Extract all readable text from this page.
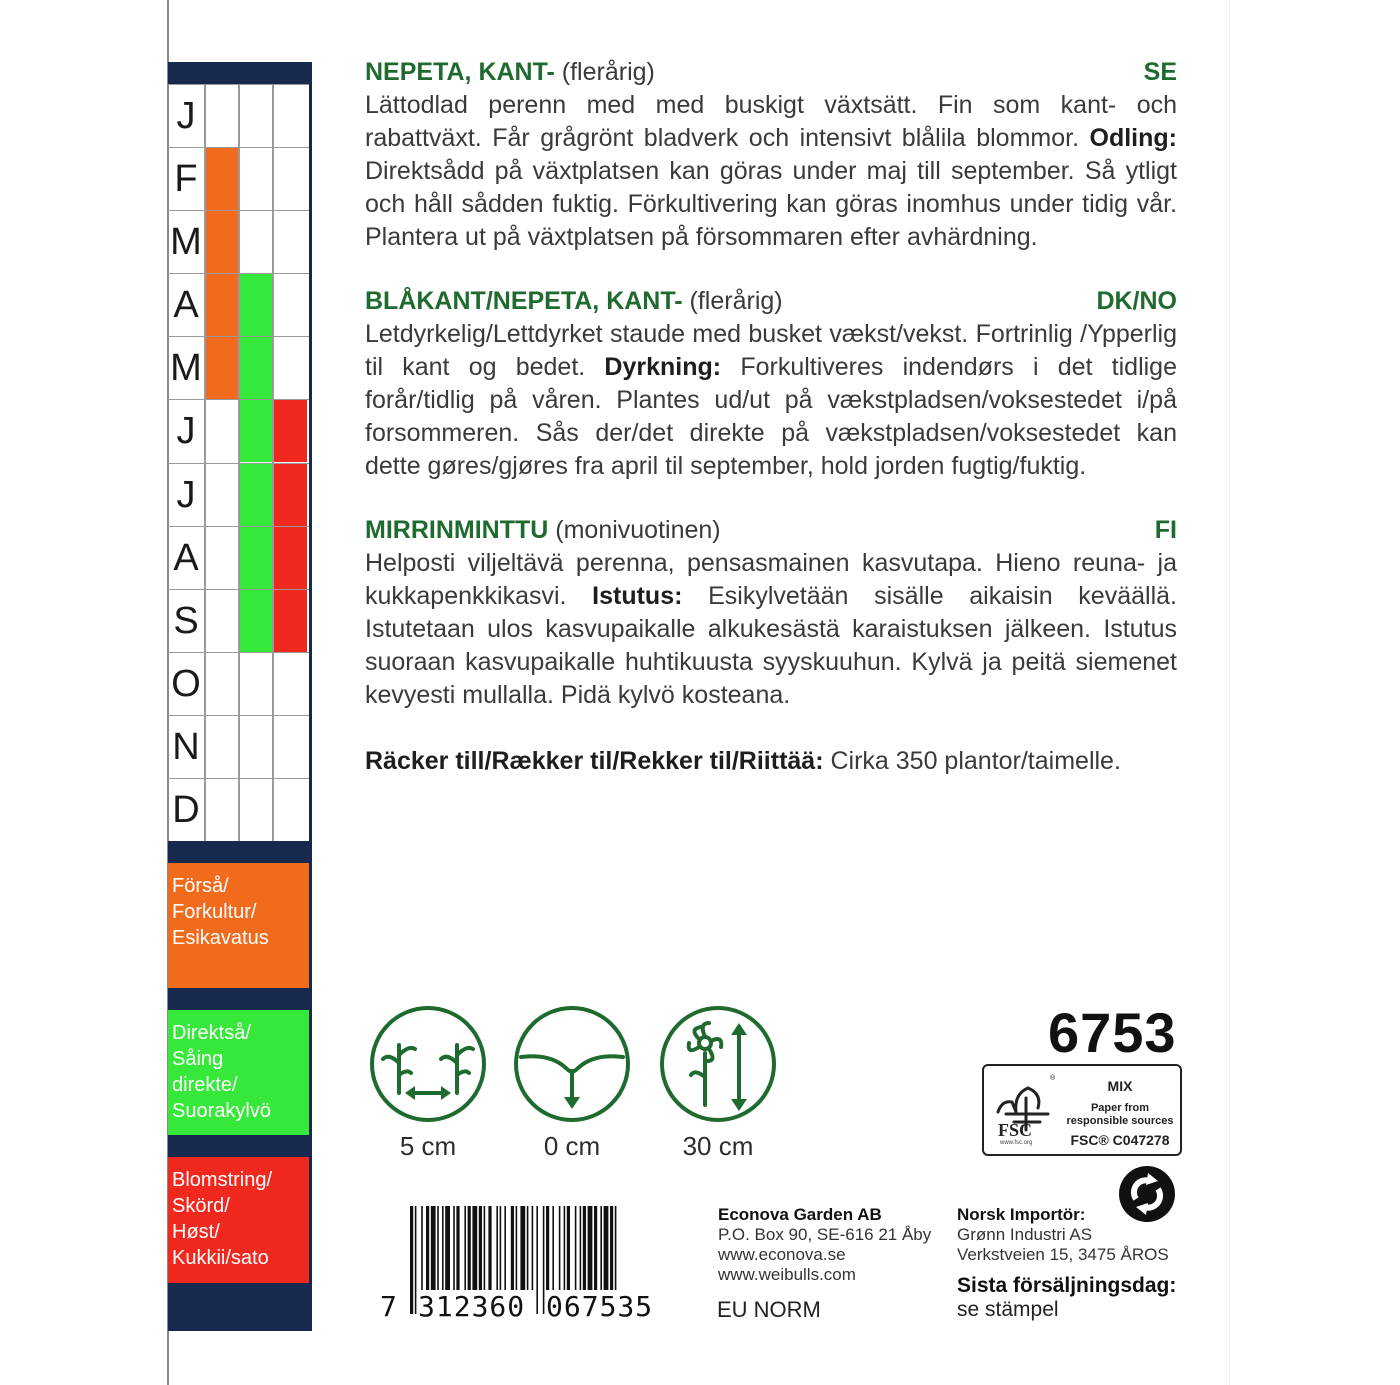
J
F
M
A
M
J
J
A
S
O
N
D
Förså/
Forkultur/
Esikavatus
Direktså/
Såing
direkte/
Suorakylvö
Blomstring/
Skörd/
Høst/
Kukkii/sato
NEPETA, KANT- (flerårig)	SE

Lättodlad perenn med med buskigt växtsätt. Fin som kant- och rabattväxt. Får grågrönt bladverk och intensivt blålila blommor. Odling: Direktsådd på växtplatsen kan göras under maj till september. Så ytligt och håll sådden fuktig. Förkultivering kan göras inomhus under tidig vår. Plantera ut på växtplatsen på försommaren efter avhärdning.

BLÅKANT/NEPETA, KANT- (flerårig)	DK/NO

Letdyrkelig/Lettdyrket staude med busket vækst/vekst. Fortrinlig /Ypperlig til kant og bedet. Dyrkning: Forkultiveres indendørs i det tidlige forår/tidlig på våren. Plantes ud/ut på vækstpladsen/voksestedet i/på forsommeren. Sås der/det direkte på vækstpladsen/voksestedet kan dette gøres/gjøres fra april til september, hold jorden fugtig/fuktig.

MIRRINMINTTU (monivuotinen)	FI

Helposti viljeltävä perenna, pensasmainen kasvutapa. Hieno reuna- ja kukkapenkkikasvi. Istutus: Esikylvetään sisälle aikaisin keväällä. Istutetaan ulos kasvupaikalle alkukesästä karaistuksen jälkeen. Istutus suoraan kasvupaikalle huhtikuusta syyskuuhun. Kylvä ja peitä siemenet kevyesti mullalla. Pidä kylvö kosteana.

Räcker till/Rækker til/Rekker til/Riittää: Cirka 350 plantor/taimelle.

5 cm	0 cm	30 cm
6753
®
FSC
www.fsc.org
MIX
Paper from
responsible sources
FSC® C047278
7 312360 067535
Econova Garden AB
P.O. Box 90, SE-616 21 Åby
www.econova.se
www.weibulls.com
EU NORM
Norsk Importör:
Grønn Industri AS
Verkstveien 15, 3475 ÅROS
Sista försäljningsdag:
se stämpel
